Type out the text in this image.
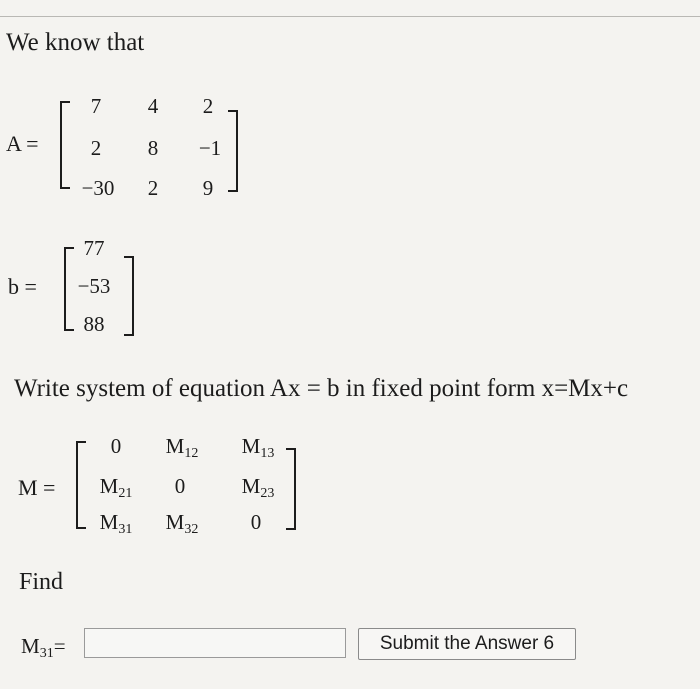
We know that
A =
7	4	2
2	8	−1
−30	2	9
b =
77
−53
88
Write system of equation Ax = b in fixed point form x=Mx+c
M =
0	$M_{12}$	$M_{13}$
$M_{21}$	0	$M_{23}$
$M_{31}$	$M_{32}$	0
Find
$M_{31}=$	Submit the Answer 6
